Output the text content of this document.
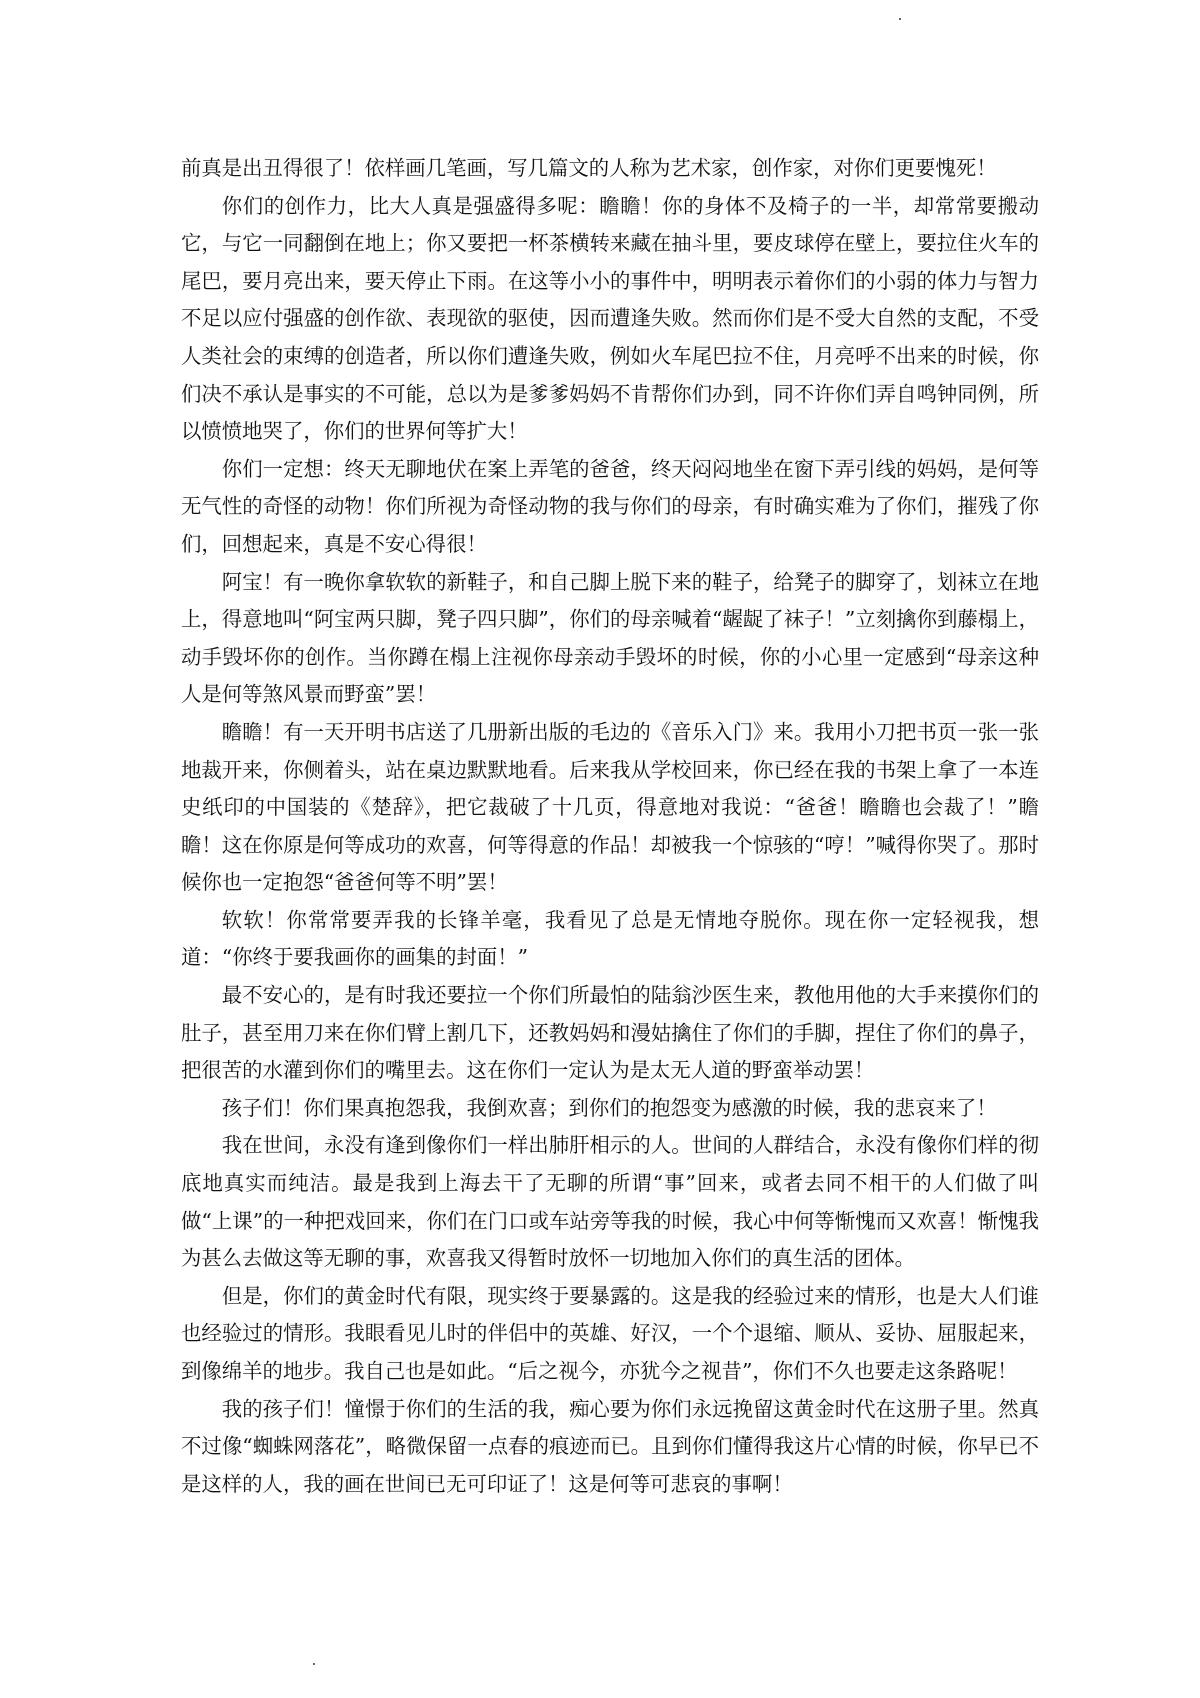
前真是出丑得很了！依样画几笔画，写几篇文的人称为艺术家，创作家，对你们更要愧死！

你们的创作力，比大人真是强盛得多呢：瞻瞻！你的身体不及椅子的一半，却常常要搬动它，与它一同翻倒在地上；你又要把一杯茶横转来藏在抽斗里，要皮球停在壁上，要拉住火车的尾巴，要月亮出来，要天停止下雨。在这等小小的事件中，明明表示着你们的小弱的体力与智力不足以应付强盛的创作欲、表现欲的驱使，因而遭逢失败。然而你们是不受大自然的支配，不受人类社会的束缚的创造者，所以你们遭逢失败，例如火车尾巴拉不住，月亮呼不出来的时候，你们决不承认是事实的不可能，总以为是爹爹妈妈不肯帮你们办到，同不许你们弄自鸣钟同例，所以愤愤地哭了，你们的世界何等扩大！

你们一定想：终天无聊地伏在案上弄笔的爸爸，终天闷闷地坐在窗下弄引线的妈妈，是何等无气性的奇怪的动物！你们所视为奇怪动物的我与你们的母亲，有时确实难为了你们，摧残了你们，回想起来，真是不安心得很！

阿宝！有一晚你拿软软的新鞋子，和自己脚上脱下来的鞋子，给凳子的脚穿了，划袜立在地上，得意地叫“阿宝两只脚，凳子四只脚”，你们的母亲喊着“龌龊了袜子！”立刻擒你到藤榻上，动手毁坏你的创作。当你蹲在榻上注视你母亲动手毁坏的时候，你的小心里一定感到“母亲这种人是何等煞风景而野蛮”罢！

瞻瞻！有一天开明书店送了几册新出版的毛边的《音乐入门》来。我用小刀把书页一张一张地裁开来，你侧着头，站在桌边默默地看。后来我从学校回来，你已经在我的书架上拿了一本连史纸印的中国装的《楚辞》，把它裁破了十几页，得意地对我说：“爸爸！瞻瞻也会裁了！”瞻瞻！这在你原是何等成功的欢喜，何等得意的作品！却被我一个惊骇的“哼！”喊得你哭了。那时候你也一定抱怨“爸爸何等不明”罢！

软软！你常常要弄我的长锋羊毫，我看见了总是无情地夺脱你。现在你一定轻视我，想道：“你终于要我画你的画集的封面！”

最不安心的，是有时我还要拉一个你们所最怕的陆翁沙医生来，教他用他的大手来摸你们的肚子，甚至用刀来在你们臂上割几下，还教妈妈和漫姑擒住了你们的手脚，捏住了你们的鼻子，把很苦的水灌到你们的嘴里去。这在你们一定认为是太无人道的野蛮举动罢！

孩子们！你们果真抱怨我，我倒欢喜；到你们的抱怨变为感激的时候，我的悲哀来了！

我在世间，永没有逢到像你们一样出肺肝相示的人。世间的人群结合，永没有像你们样的彻底地真实而纯洁。最是我到上海去干了无聊的所谓“事”回来，或者去同不相干的人们做了叫做“上课”的一种把戏回来，你们在门口或车站旁等我的时候，我心中何等惭愧而又欢喜！惭愧我为甚么去做这等无聊的事，欢喜我又得暂时放怀一切地加入你们的真生活的团体。

但是，你们的黄金时代有限，现实终于要暴露的。这是我的经验过来的情形，也是大人们谁也经验过的情形。我眼看见儿时的伴侣中的英雄、好汉，一个个退缩、顺从、妥协、屈服起来，到像绵羊的地步。我自己也是如此。“后之视今，亦犹今之视昔”，你们不久也要走这条路呢！

我的孩子们！憧憬于你们的生活的我，痴心要为你们永远挽留这黄金时代在这册子里。然真不过像“蜘蛛网落花”，略微保留一点春的痕迹而已。且到你们懂得我这片心情的时候，你早已不是这样的人，我的画在世间已无可印证了！这是何等可悲哀的事啊！
